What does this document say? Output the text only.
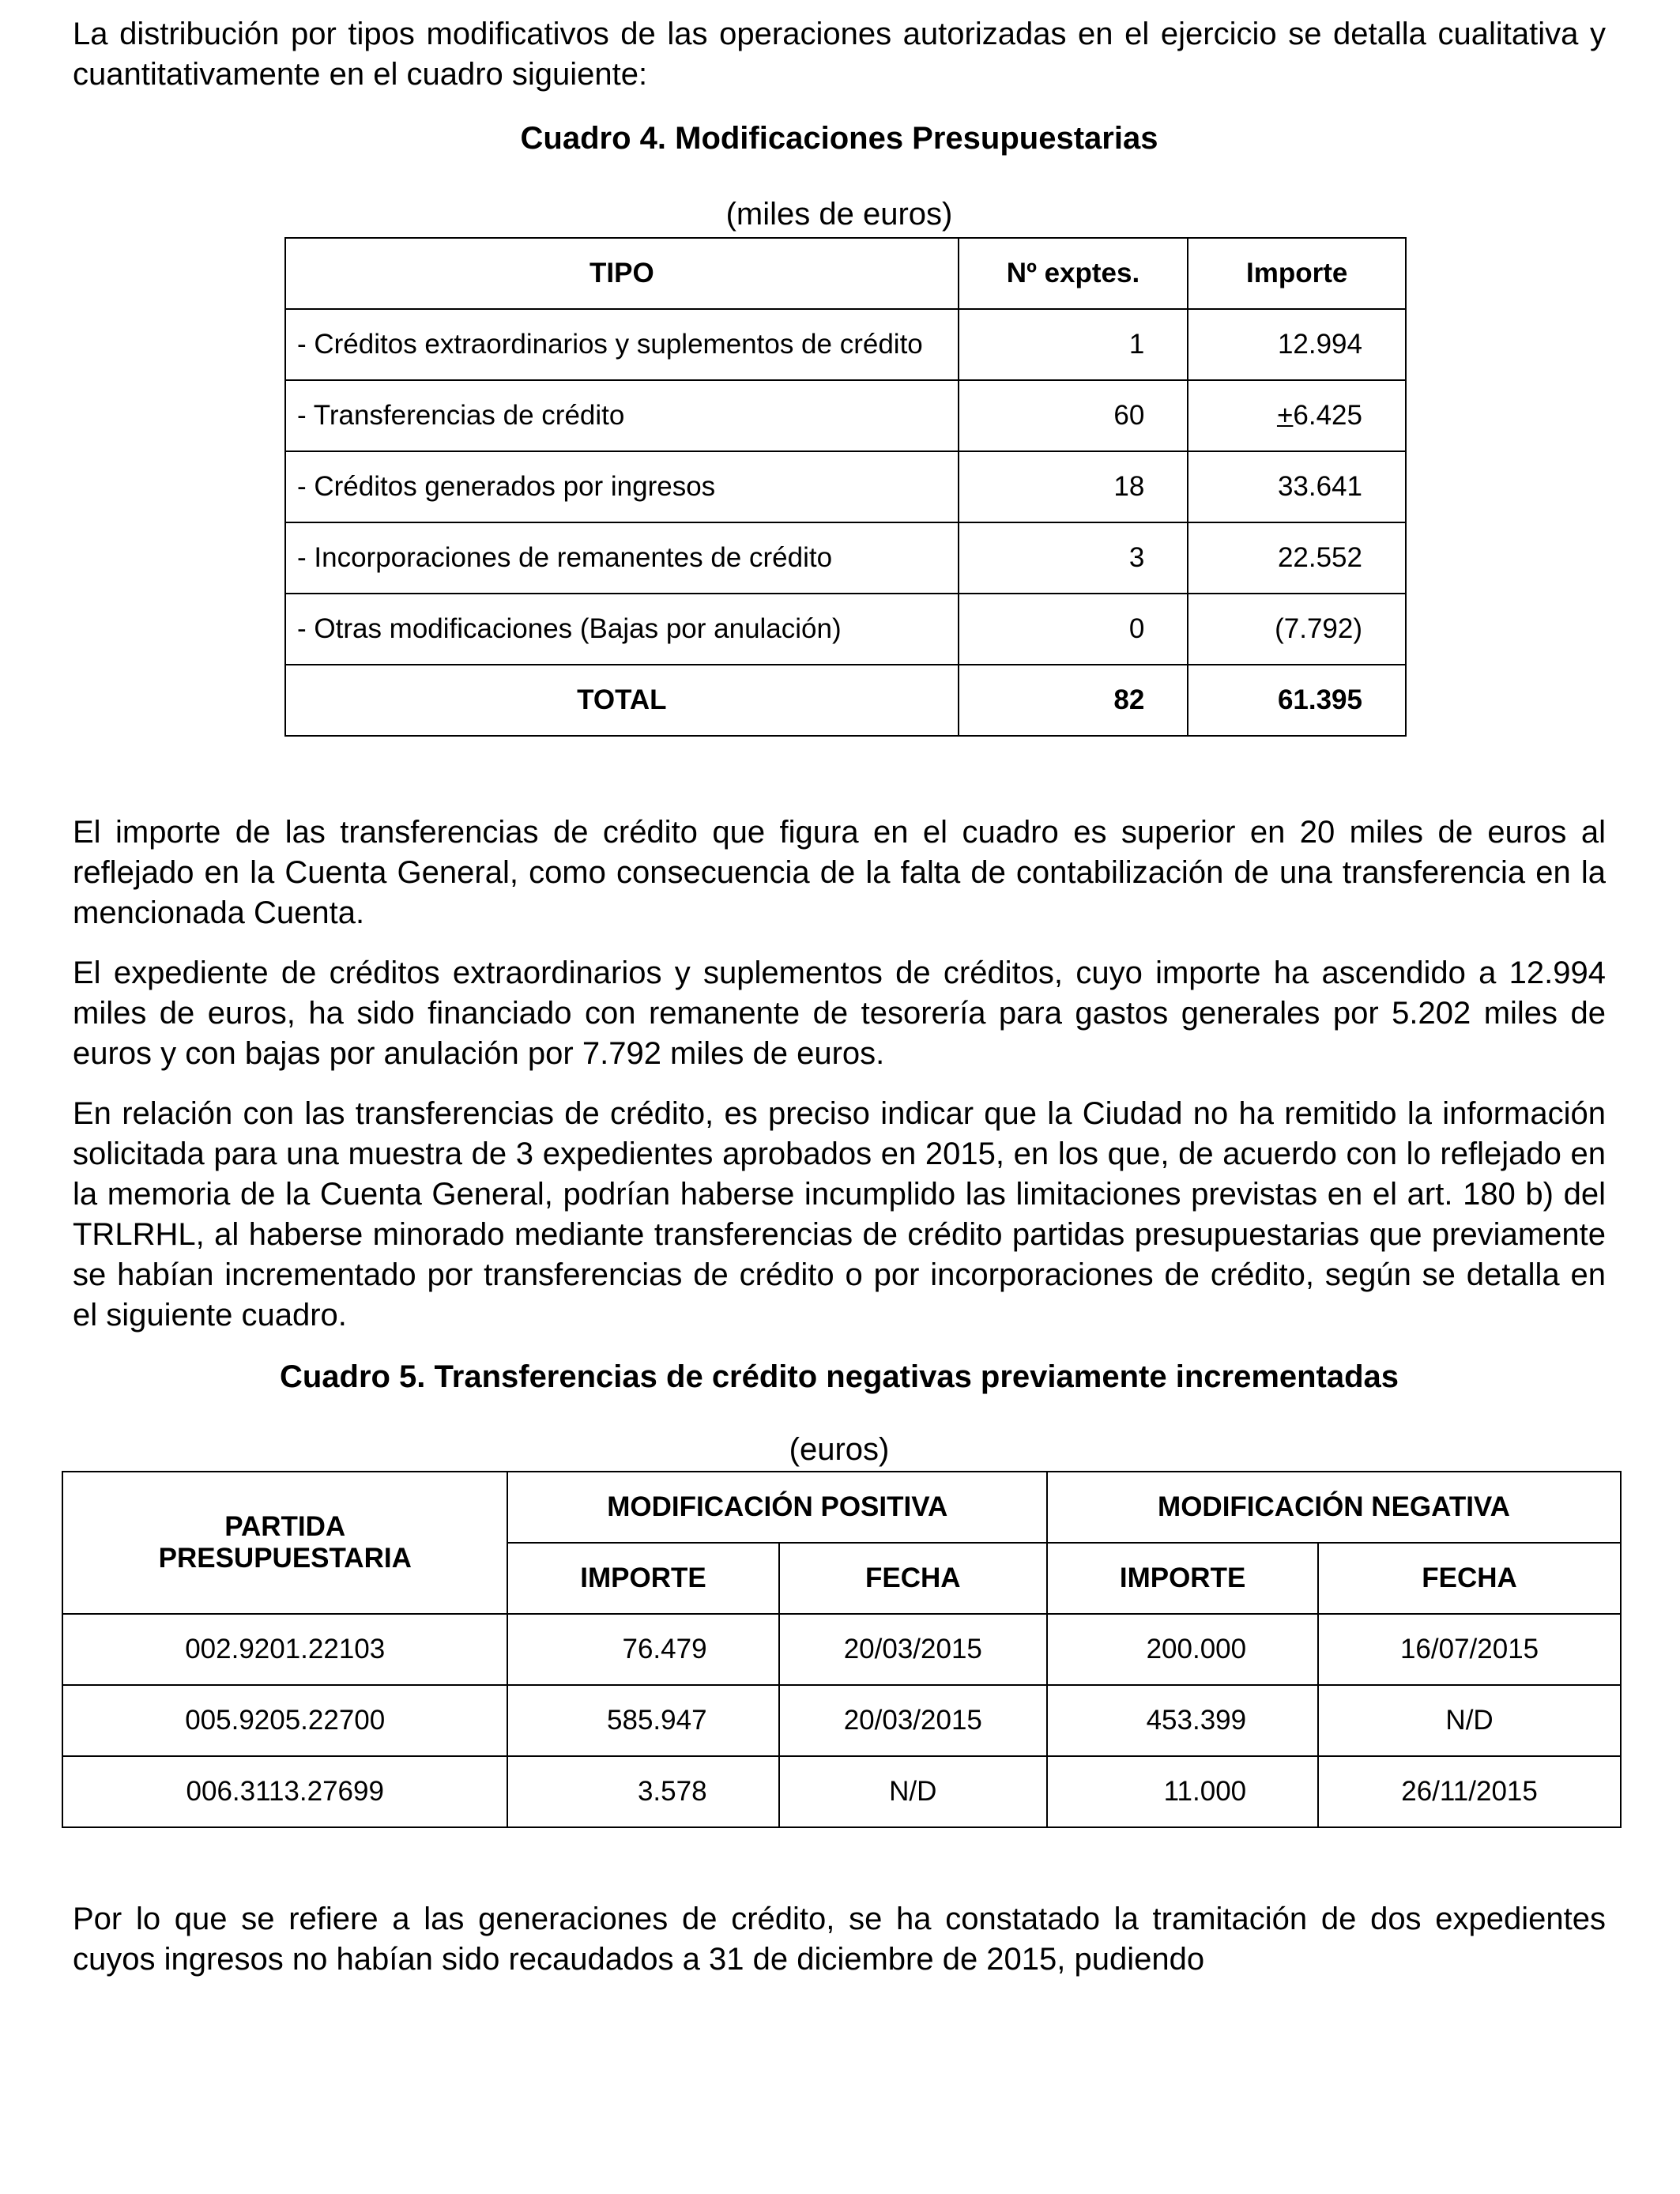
La distribución por tipos modificativos de las operaciones autorizadas en el ejercicio se detalla cualitativa y cuantitativamente en el cuadro siguiente:

Cuadro 4. Modificaciones Presupuestarias

(miles de euros)

TIPO	Nº exptes.	Importe
- Créditos extraordinarios y suplementos de crédito	1	12.994
- Transferencias de crédito	60	+6.425
- Créditos generados por ingresos	18	33.641
- Incorporaciones de remanentes de crédito	3	22.552
- Otras modificaciones (Bajas por anulación)	0	(7.792)
TOTAL	82	61.395

El importe de las transferencias de crédito que figura en el cuadro es superior en 20 miles de euros al reflejado en la Cuenta General, como consecuencia de la falta de contabilización de una transferencia en la mencionada Cuenta.

El expediente de créditos extraordinarios y suplementos de créditos, cuyo importe ha ascendido a 12.994 miles de euros, ha sido financiado con remanente de tesorería para gastos generales por 5.202 miles de euros y con bajas por anulación por 7.792 miles de euros.

En relación con las transferencias de crédito, es preciso indicar que la Ciudad no ha remitido la información solicitada para una muestra de 3 expedientes aprobados en 2015, en los que, de acuerdo con lo reflejado en la memoria de la Cuenta General, podrían haberse incumplido las limitaciones previstas en el art. 180 b) del TRLRHL, al haberse minorado mediante transferencias de crédito partidas presupuestarias que previamente se habían incrementado por transferencias de crédito o por incorporaciones de crédito, según se detalla en el siguiente cuadro.

Cuadro 5. Transferencias de crédito negativas previamente incrementadas

(euros)

PARTIDA PRESUPUESTARIA	MODIFICACIÓN POSITIVA		MODIFICACIÓN NEGATIVA	
	IMPORTE	FECHA	IMPORTE	FECHA
002.9201.22103	76.479	20/03/2015	200.000	16/07/2015
005.9205.22700	585.947	20/03/2015	453.399	N/D
006.3113.27699	3.578	N/D	11.000	26/11/2015

Por lo que se refiere a las generaciones de crédito, se ha constatado la tramitación de dos expedientes cuyos ingresos no habían sido recaudados a 31 de diciembre de 2015, pudiendo
